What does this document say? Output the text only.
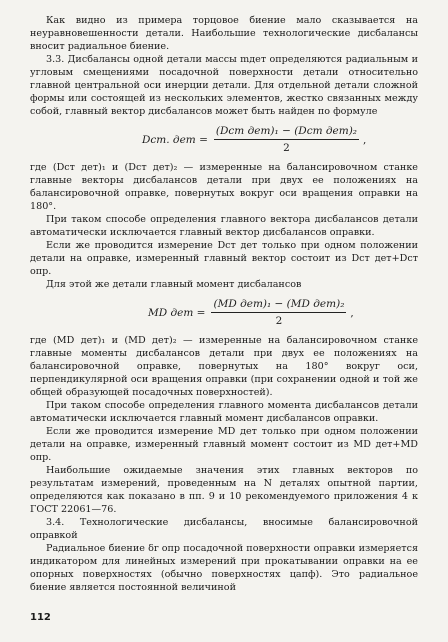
Как видно из примера торцовое биение мало сказывается на неуравновешенности детали. Наибольшие технологические дисбалансы вносит радиальное биение.

3.3. Дисбалансы одной детали массы mдет определяются радиальным и угловым смещениями посадочной поверхности детали относительно главной центральной оси инерции детали. Для отдельной детали сложной формы или состоящей из нескольких элементов, жестко связанных между собой, главный вектор дисбалансов может быть найден по формуле

Dст. дет = $\frac{\text{(Dст дет)₁ − (Dст дет)₂}}{2}$ ,

где (Dст дет)₁ и (Dст дет)₂ — измеренные на балансировочном станке главные векторы дисбалансов детали при двух ее положениях на балансировочной оправке, повернутых вокруг оси вращения оправки на 180°.

При таком способе определения главного вектора дисбалансов детали автоматически исключается главный вектор дисбалансов оправки.

Если же проводится измерение Dст дет только при одном положении детали на оправке, измеренный главный вектор состоит из Dст дет+Dст опр.

Для этой же детали главный момент дисбалансов

MD дет = $\frac{\text{(MD дет)₁ − (MD дет)₂}}{2}$ ,

где (MD дет)₁ и (MD дет)₂ — измеренные на балансировочном станке главные моменты дисбалансов детали при двух ее положениях на балансировочной оправке, повернутых на 180° вокруг оси, перпендикулярной оси вращения оправки (при сохранении одной и той же общей образующей посадочных поверхностей).

При таком способе определения главного момента дисбалансов детали автоматически исключается главный момент дисбалансов оправки.

Если же проводится измерение MD дет только при одном положении детали на оправке, измеренный главный момент состоит из MD дет+MD опр.

Наибольшие ожидаемые значения этих главных векторов по результатам измерений, проведенным на N деталях опытной партии, определяются как показано в пп. 9 и 10 рекомендуемого приложения 4 к ГОСТ 22061—76.

3.4. Технологические дисбалансы, вносимые балансировочной оправкой

Радиальное биение δr опр посадочной поверхности оправки измеряется индикатором для линейных измерений при прокатывании оправки на ее опорных поверхностях (обычно поверхностях цапф). Это радиальное биение является постоянной величиной

112
